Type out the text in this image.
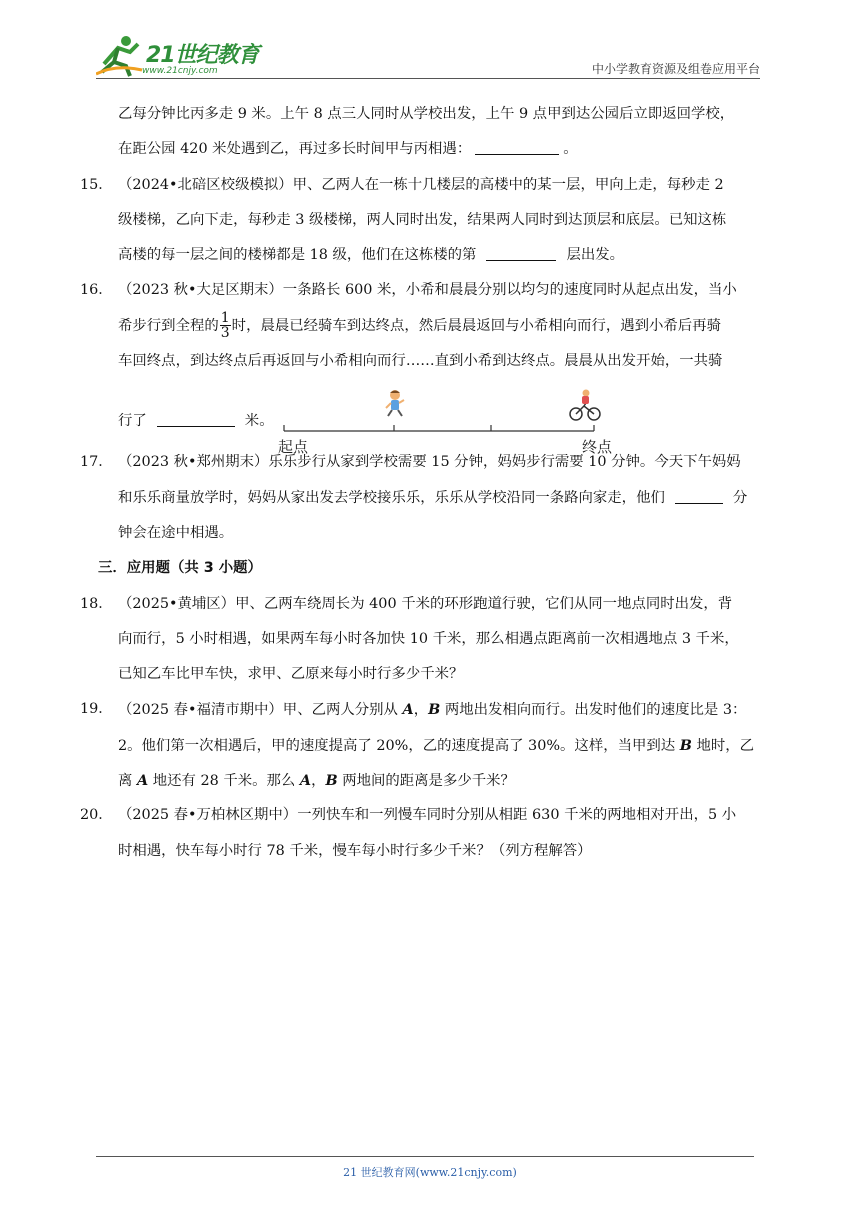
21世纪教育
www.21cnjy.com	中小学教育资源及组卷应用平台
乙每分钟比丙多走 9 米。上午 8 点三人同时从学校出发，上午 9 点甲到达公园后立即返回学校，
在距公园 420 米处遇到乙，再过多长时间甲与丙相遇：	。
15． （2024•北碚区校级模拟）甲、乙两人在一栋十几楼层的高楼中的某一层，甲向上走，每秒走 2
级楼梯，乙向下走，每秒走 3 级楼梯，两人同时出发，结果两人同时到达顶层和底层。已知这栋
高楼的每一层之间的楼梯都是 18 级，他们在这栋楼的第	层出发。
16． （2023 秋•大足区期末）一条路长 600 米，小希和晨晨分别以均匀的速度同时从起点出发，当小
希步行到全程的 $\frac{1}{3}$ 时，晨晨已经骑车到达终点，然后晨晨返回与小希相向而行，遇到小希后再骑
车回终点，到达终点后再返回与小希相向而行……直到小希到达终点。晨晨从出发开始，一共骑
行了	米。
17． （2023 秋•郑州期末）乐乐步行从家到学校需要 15 分钟，妈妈步行需要 10 分钟。今天下午妈妈
和乐乐商量放学时，妈妈从家出发去学校接乐乐，乐乐从学校沿同一条路向家走，他们	分
钟会在途中相遇。
三．应用题（共 3 小题）
18． （2025•黄埔区）甲、乙两车绕周长为 400 千米的环形跑道行驶，它们从同一地点同时出发，背
向而行，5 小时相遇，如果两车每小时各加快 10 千米，那么相遇点距离前一次相遇地点 3 千米，
已知乙车比甲车快，求甲、乙原来每小时行多少千米？
19． （2025 春•福清市期中）甲、乙两人分别从 A，B 两地出发相向而行。出发时他们的速度比是 3：
2。他们第一次相遇后，甲的速度提高了 20%，乙的速度提高了 30%。这样，当甲到达 B 地时，乙
离 A 地还有 28 千米。那么 A，B 两地间的距离是多少千米？
20． （2025 春•万柏林区期中）一列快车和一列慢车同时分别从相距 630 千米的两地相对开出，5 小
时相遇，快车每小时行 78 千米，慢车每小时行多少千米？（列方程解答）
起点	终点
21 世纪教育网(www.21cnjy.com)
